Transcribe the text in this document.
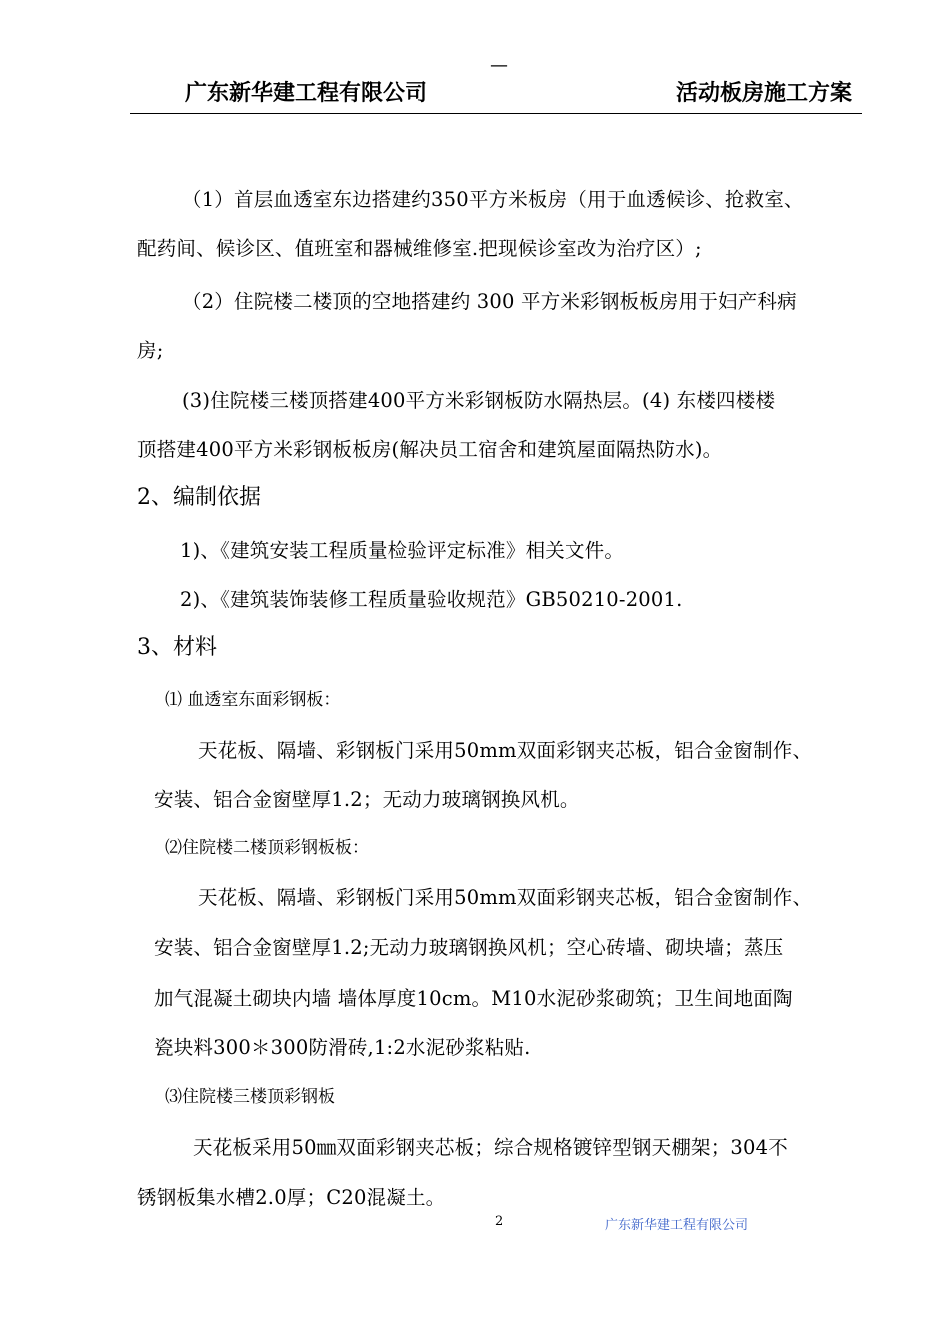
广东新华建工程有限公司
—
活动板房施工方案
（1）首层血透室东边搭建约350平方米板房（用于血透候诊、抢救室、
配药间、候诊区、值班室和器械维修室.把现候诊室改为治疗区）;
（2）住院楼二楼顶的空地搭建约 300 平方米彩钢板板房用于妇产科病
房;
(3)住院楼三楼顶搭建400平方米彩钢板防水隔热层。(4) 东楼四楼楼
顶搭建400平方米彩钢板板房(解决员工宿舍和建筑屋面隔热防水)。
2、编制依据
1)、《建筑安装工程质量检验评定标准》相关文件。
2)、《建筑装饰装修工程质量验收规范》GB50210-2001.
3、材料
⑴ 血透室东面彩钢板：
天花板、隔墙、彩钢板门采用50mm双面彩钢夹芯板，铝合金窗制作、
安装、铝合金窗壁厚1.2；无动力玻璃钢换风机。
⑵住院楼二楼顶彩钢板板：
天花板、隔墙、彩钢板门采用50mm双面彩钢夹芯板，铝合金窗制作、
安装、铝合金窗壁厚1.2;无动力玻璃钢换风机；空心砖墙、砌块墙；蒸压
加气混凝土砌块内墙 墙体厚度10cm。M10水泥砂浆砌筑；卫生间地面陶
瓷块料300＊300防滑砖,1:2水泥砂浆粘贴.
⑶住院楼三楼顶彩钢板
天花板采用50㎜双面彩钢夹芯板；综合规格镀锌型钢天棚架；304不
锈钢板集水槽2.0厚；C20混凝土。
2	广东新华建工程有限公司
